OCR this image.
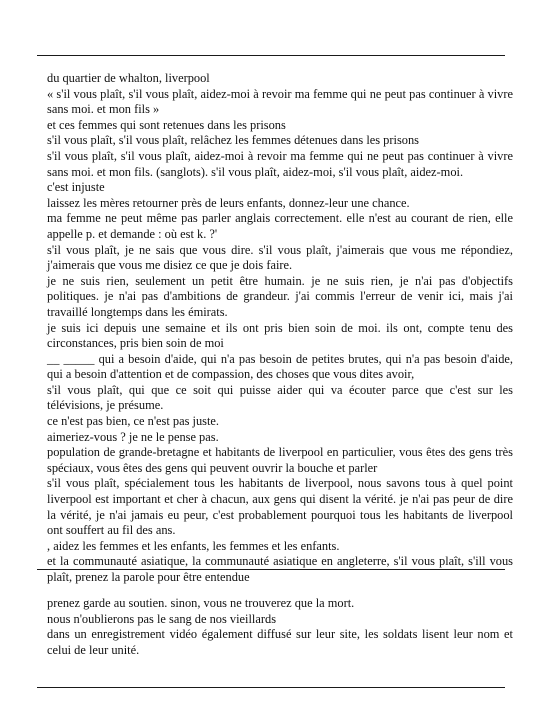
du quartier de whalton, liverpool

« s'il vous plaît, s'il vous plaît, aidez-moi à revoir ma femme qui ne peut pas continuer à vivre sans moi. et mon fils »

et ces femmes qui sont retenues dans les prisons

s'il vous plaît, s'il vous plaît, relâchez les femmes détenues dans les prisons

s'il vous plaît, s'il vous plaît, aidez-moi à revoir ma femme qui ne peut pas continuer à vivre sans moi. et mon fils. (sanglots). s'il vous plaît, aidez-moi, s'il vous plaît, aidez-moi.

c'est injuste

laissez les mères retourner près de leurs enfants, donnez-leur une chance.

ma femme ne peut même pas parler anglais correctement. elle n'est au courant de rien, elle appelle p. et demande : où est k. ?'

s'il vous plaît, je ne sais que vous dire. s'il vous plaît, j'aimerais que vous me répondiez, j'aimerais que vous me disiez ce que je dois faire.

je ne suis rien, seulement un petit être humain. je ne suis rien, je n'ai pas d'objectifs politiques. je n'ai pas d'ambitions de grandeur. j'ai commis l'erreur de venir ici, mais j'ai travaillé longtemps dans les émirats.

je suis ici depuis une semaine et ils ont pris bien soin de moi. ils ont, compte tenu des circonstances, pris bien soin de moi

__ _____ qui a besoin d'aide, qui n'a pas besoin de petites brutes, qui n'a pas besoin d'aide, qui a besoin d'attention et de compassion, des choses que vous dites avoir,

s'il vous plaît, qui que ce soit qui puisse aider qui va écouter parce que c'est sur les télévisions, je présume.

ce n'est pas bien, ce n'est pas juste.

aimeriez-vous ? je ne le pense pas.

population de grande-bretagne et habitants de liverpool en particulier, vous êtes des gens très spéciaux, vous êtes des gens qui peuvent ouvrir la bouche et parler

s'il vous plaît, spécialement tous les habitants de liverpool, nous savons tous à quel point liverpool est important et cher à chacun, aux gens qui disent la vérité. je n'ai pas peur de dire la vérité, je n'ai jamais eu peur, c'est probablement pourquoi tous les habitants de liverpool ont souffert au fil des ans.

, aidez les femmes et les enfants, les femmes et les enfants.

et la communauté asiatique, la communauté asiatique en angleterre, s'il vous plaît, s'ill vous plaît, prenez la parole pour être entendue

prenez garde au soutien. sinon, vous ne trouverez que la mort.

nous n'oublierons pas le sang de nos vieillards

dans un enregistrement vidéo également diffusé sur leur site, les soldats lisent leur nom et celui de leur unité.
